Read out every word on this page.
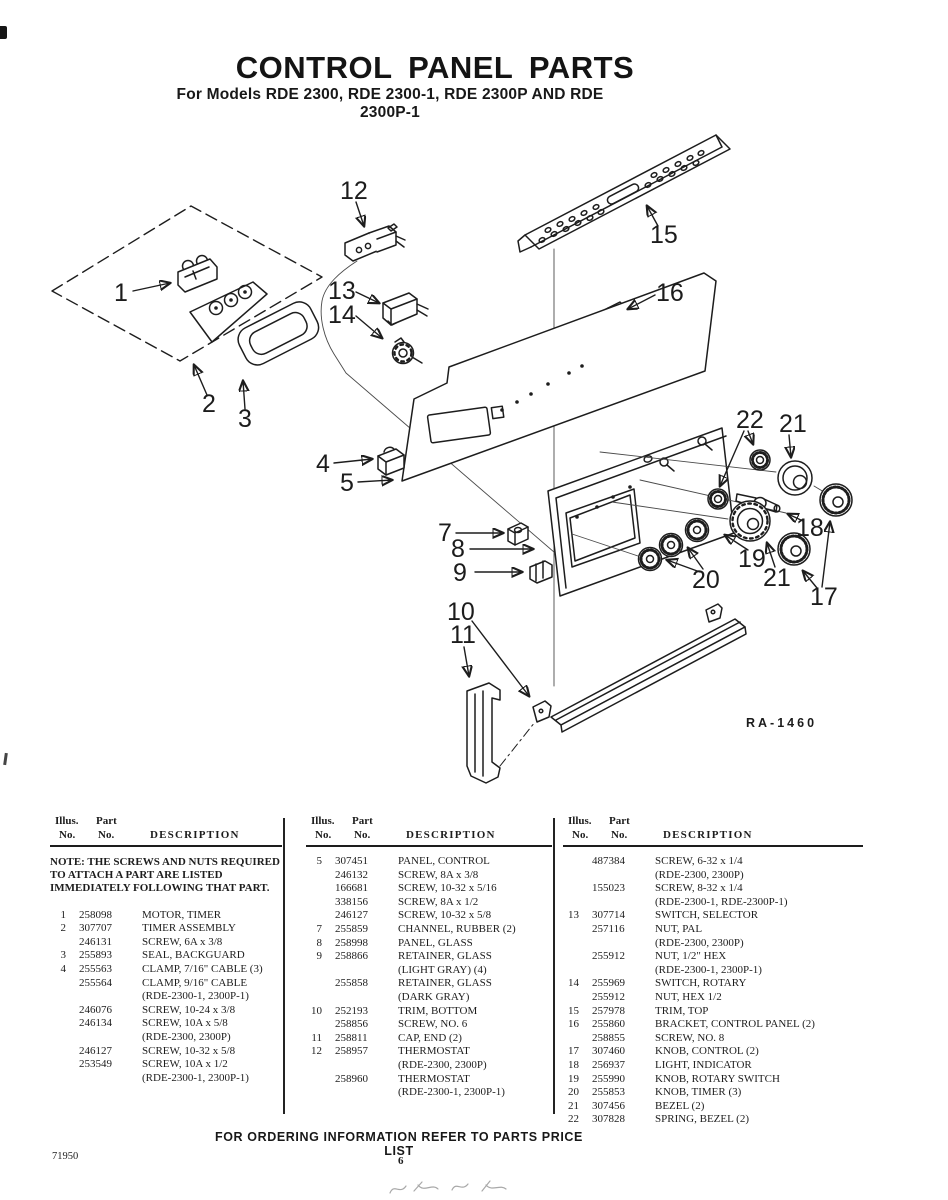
CONTROL PANEL PARTS
For Models RDE 2300, RDE 2300-1, RDE 2300P AND RDE 2300P-1
1
2
3
4
5
7
8
9
10
11
12
13
14
15
16
17
18
19
20
21
21
22
RA-1460
Illus. Part
No. No.	DESCRIPTION

NOTE: THE SCREWS AND NUTS REQUIRED TO ATTACH A PART ARE LISTED IMMEDIATELY FOLLOWING THAT PART.

1 258098	MOTOR, TIMER
2 307707	TIMER ASSEMBLY
246131	SCREW, 6A x 3/8
3 255893	SEAL, BACKGUARD
4 255563	CLAMP, 7/16" CABLE (3)
255564	CLAMP, 9/16" CABLE
(RDE-2300-1, 2300P-1)
246076	SCREW, 10-24 x 3/8
246134	SCREW, 10A x 5/8
(RDE-2300, 2300P)
246127	SCREW, 10-32 x 5/8
253549	SCREW, 10A x 1/2
(RDE-2300-1, 2300P-1)
Illus. Part
No. No.	DESCRIPTION
5 307451	PANEL, CONTROL
246132	SCREW, 8A x 3/8
166681	SCREW, 10-32 x 5/16
338156	SCREW, 8A x 1/2
246127	SCREW, 10-32 x 5/8
7 255859	CHANNEL, RUBBER (2)
8 258998	PANEL, GLASS
9 258866	RETAINER, GLASS
(LIGHT GRAY) (4)
255858	RETAINER, GLASS
(DARK GRAY)
10 252193	TRIM, BOTTOM
258856	SCREW, NO. 6
11 258811	CAP, END (2)
12 258957	THERMOSTAT
(RDE-2300, 2300P)
258960	THERMOSTAT
(RDE-2300-1, 2300P-1)
Illus. Part
No. No.	DESCRIPTION
487384	SCREW, 6-32 x 1/4
(RDE-2300, 2300P)
155023	SCREW, 8-32 x 1/4
(RDE-2300-1, RDE-2300P-1)
13 307714	SWITCH, SELECTOR
257116	NUT, PAL
(RDE-2300, 2300P)
255912	NUT, 1/2" HEX
(RDE-2300-1, 2300P-1)
14 255969	SWITCH, ROTARY
255912	NUT, HEX 1/2
15 257978	TRIM, TOP
16 255860	BRACKET, CONTROL PANEL (2)
258855	SCREW, NO. 8
17 307460	KNOB, CONTROL (2)
18 256937	LIGHT, INDICATOR
19 255990	KNOB, ROTARY SWITCH
20 255853	KNOB, TIMER (3)
21 307456	BEZEL (2)
22 307828	SPRING, BEZEL (2)
FOR ORDERING INFORMATION REFER TO PARTS PRICE LIST
71950	6
